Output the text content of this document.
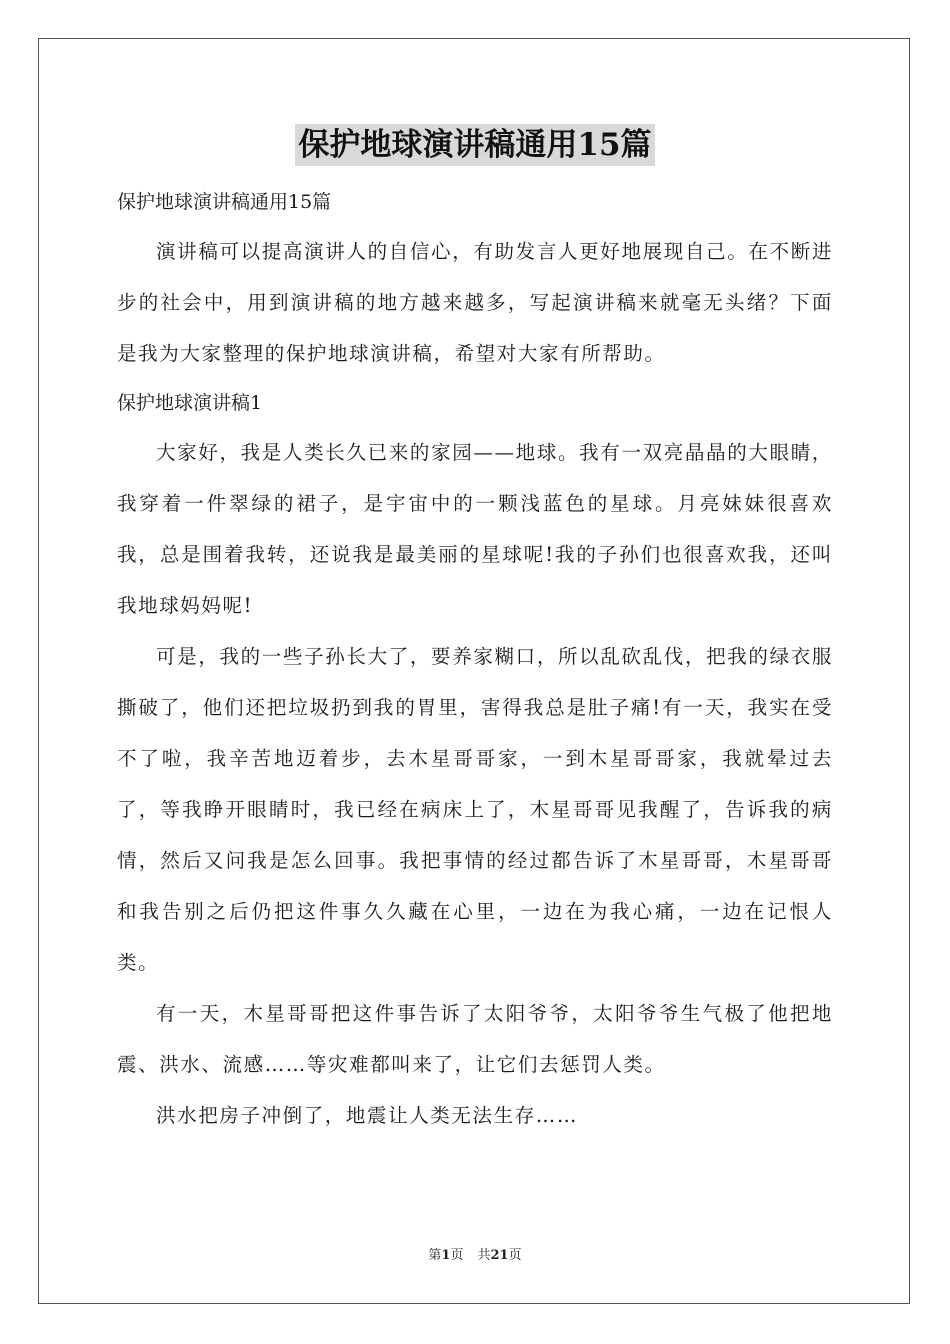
保护地球演讲稿通用15篇

保护地球演讲稿通用15篇

演讲稿可以提高演讲人的自信心，有助发言人更好地展现自己。在不断进步的社会中，用到演讲稿的地方越来越多，写起演讲稿来就毫无头绪？下面是我为大家整理的保护地球演讲稿，希望对大家有所帮助。

保护地球演讲稿1

大家好，我是人类长久已来的家园——地球。我有一双亮晶晶的大眼睛，我穿着一件翠绿的裙子，是宇宙中的一颗浅蓝色的星球。月亮妹妹很喜欢我，总是围着我转，还说我是最美丽的星球呢!我的子孙们也很喜欢我，还叫我地球妈妈呢!

可是，我的一些子孙长大了，要养家糊口，所以乱砍乱伐，把我的绿衣服撕破了，他们还把垃圾扔到我的胃里，害得我总是肚子痛!有一天，我实在受不了啦，我辛苦地迈着步，去木星哥哥家，一到木星哥哥家，我就晕过去了，等我睁开眼睛时，我已经在病床上了，木星哥哥见我醒了，告诉我的病情，然后又问我是怎么回事。我把事情的经过都告诉了木星哥哥，木星哥哥和我告别之后仍把这件事久久藏在心里，一边在为我心痛，一边在记恨人类。

有一天，木星哥哥把这件事告诉了太阳爷爷，太阳爷爷生气极了他把地震、洪水、流感……等灾难都叫来了，让它们去惩罚人类。

洪水把房子冲倒了，地震让人类无法生存……

第1页 共21页
